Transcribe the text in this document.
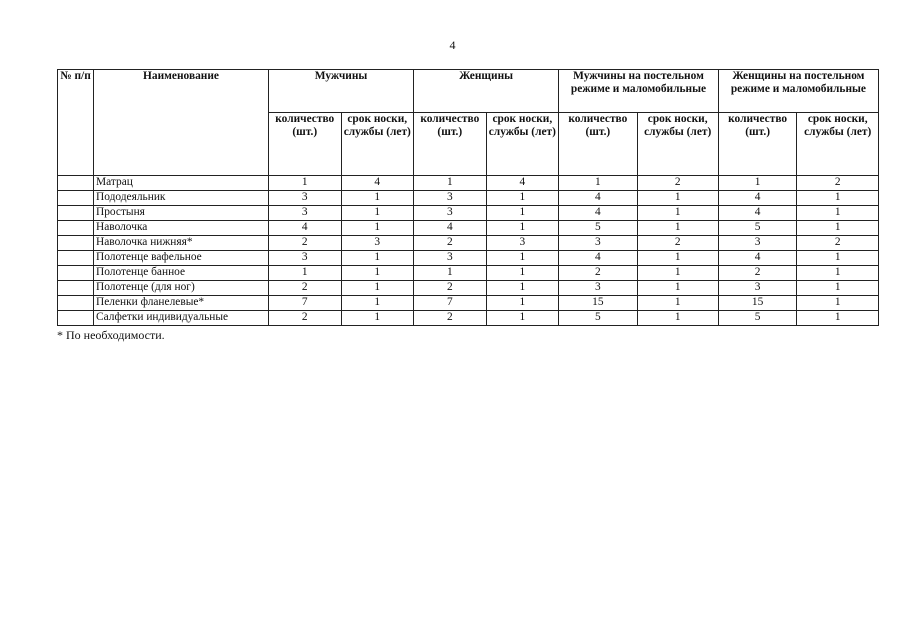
4
№ п/п	Наименование	Мужчины		Женщины		Мужчины на постельном режиме и маломобильные		Женщины на постельном режиме и маломобильные	
		количество (шт.)	срок носки, службы (лет)	количество (шт.)	срок носки, службы (лет)	количество (шт.)	срок носки, службы (лет)	количество (шт.)	срок носки, службы (лет)
	Матрац	1	4	1	4	1	2	1	2
	Пододеяльник	3	1	3	1	4	1	4	1
	Простыня	3	1	3	1	4	1	4	1
	Наволочка	4	1	4	1	5	1	5	1
	Наволочка нижняя*	2	3	2	3	3	2	3	2
	Полотенце вафельное	3	1	3	1	4	1	4	1
	Полотенце банное	1	1	1	1	2	1	2	1
	Полотенце (для ног)	2	1	2	1	3	1	3	1
	Пеленки фланелевые*	7	1	7	1	15	1	15	1
	Салфетки индивидуальные	2	1	2	1	5	1	5	1
* По необходимости.
